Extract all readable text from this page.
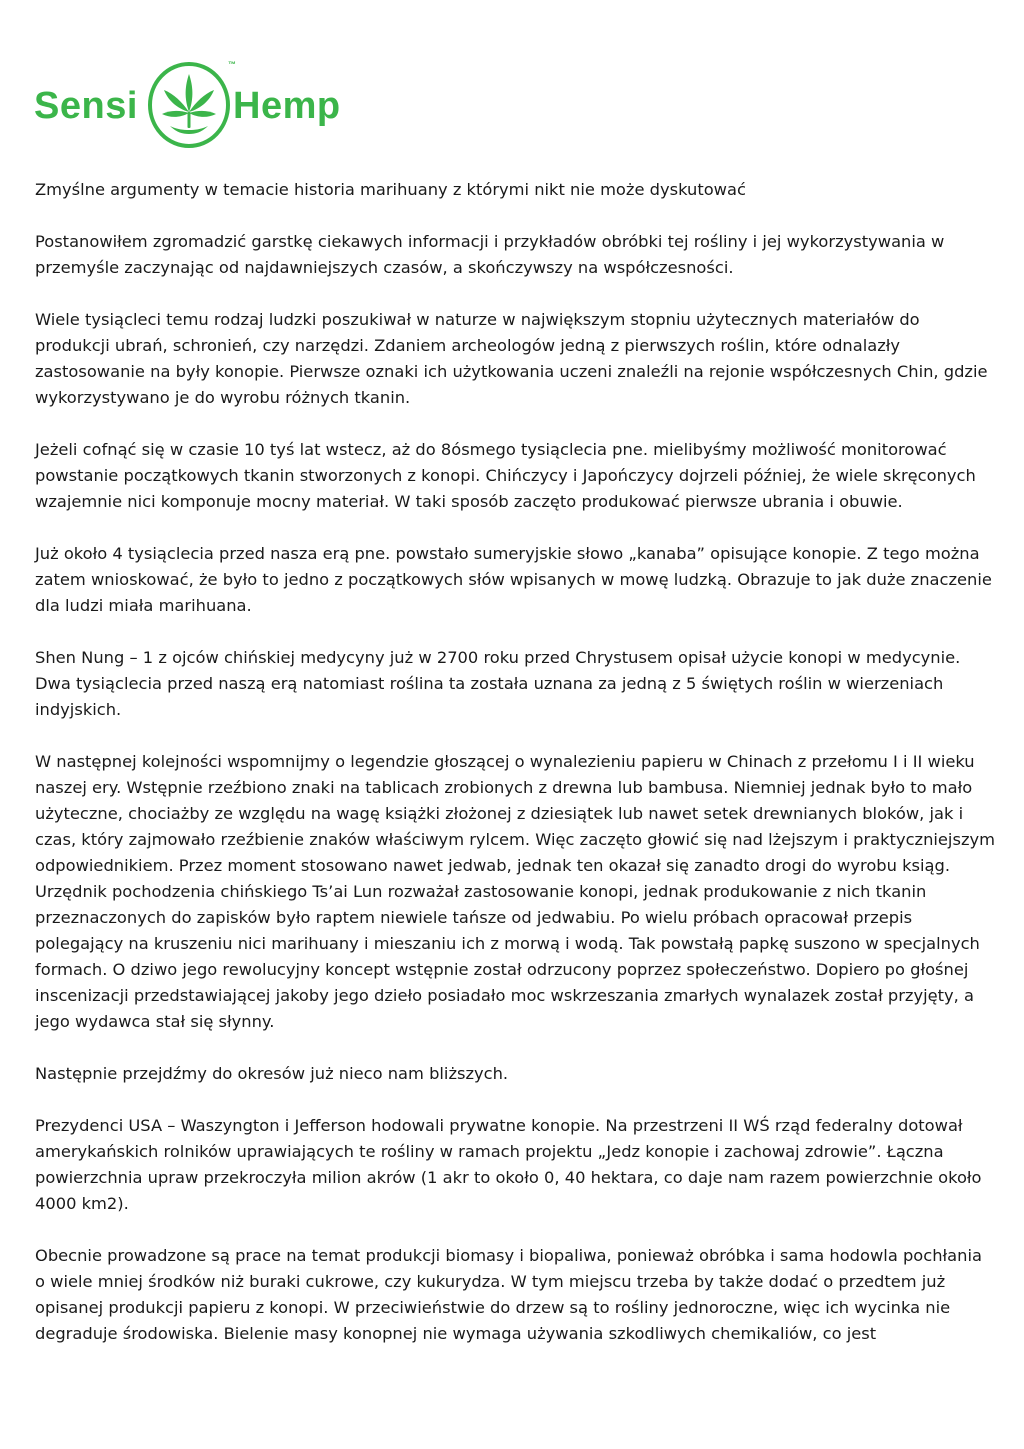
Sensi
™
Hemp

Zmyślne argumenty w temacie historia marihuany z którymi nikt nie może dyskutować

Postanowiłem zgromadzić garstkę ciekawych informacji i przykładów obróbki tej rośliny i jej wykorzystywania w przemyśle zaczynając od najdawniejszych czasów, a skończywszy na współczesności.

Wiele tysiącleci temu rodzaj ludzki poszukiwał w naturze w największym stopniu użytecznych materiałów do produkcji ubrań, schronień, czy narzędzi. Zdaniem archeologów jedną z pierwszych roślin, które odnalazły zastosowanie na były konopie. Pierwsze oznaki ich użytkowania uczeni znaleźli na rejonie współczesnych Chin, gdzie wykorzystywano je do wyrobu różnych tkanin.

Jeżeli cofnąć się w czasie 10 tyś lat wstecz, aż do 8ósmego tysiąclecia pne. mielibyśmy możliwość monitorować powstanie początkowych tkanin stworzonych z konopi. Chińczycy i Japończycy dojrzeli później, że wiele skręconych wzajemnie nici komponuje mocny materiał. W taki sposób zaczęto produkować pierwsze ubrania i obuwie.

Już około 4 tysiąclecia przed nasza erą pne. powstało sumeryjskie słowo „kanaba” opisujące konopie. Z tego można zatem wnioskować, że było to jedno z początkowych słów wpisanych w mowę ludzką. Obrazuje to jak duże znaczenie dla ludzi miała marihuana.

Shen Nung – 1 z ojców chińskiej medycyny już w 2700 roku przed Chrystusem opisał użycie konopi w medycynie. Dwa tysiąclecia przed naszą erą natomiast roślina ta została uznana za jedną z 5 świętych roślin w wierzeniach indyjskich.

W następnej kolejności wspomnijmy o legendzie głoszącej o wynalezieniu papieru w Chinach z przełomu I i II wieku naszej ery. Wstępnie rzeźbiono znaki na tablicach zrobionych z drewna lub bambusa. Niemniej jednak było to mało użyteczne, chociażby ze względu na wagę książki złożonej z dziesiątek lub nawet setek drewnianych bloków, jak i czas, który zajmowało rzeźbienie znaków właściwym rylcem. Więc zaczęto głowić się nad lżejszym i praktyczniejszym odpowiednikiem. Przez moment stosowano nawet jedwab, jednak ten okazał się zanadto drogi do wyrobu ksiąg. Urzędnik pochodzenia chińskiego Ts’ai Lun rozważał zastosowanie konopi, jednak produkowanie z nich tkanin przeznaczonych do zapisków było raptem niewiele tańsze od jedwabiu. Po wielu próbach opracował przepis polegający na kruszeniu nici marihuany i mieszaniu ich z morwą i wodą. Tak powstałą papkę suszono w specjalnych formach. O dziwo jego rewolucyjny koncept wstępnie został odrzucony poprzez społeczeństwo. Dopiero po głośnej inscenizacji przedstawiającej jakoby jego dzieło posiadało moc wskrzeszania zmarłych wynalazek został przyjęty, a jego wydawca stał się słynny.

Następnie przejdźmy do okresów już nieco nam bliższych.

Prezydenci USA – Waszyngton i Jefferson hodowali prywatne konopie. Na przestrzeni II WŚ rząd federalny dotował amerykańskich rolników uprawiających te rośliny w ramach projektu „Jedz konopie i zachowaj zdrowie”. Łączna powierzchnia upraw przekroczyła milion akrów (1 akr to około 0, 40 hektara, co daje nam razem powierzchnie około 4000 km2).

Obecnie prowadzone są prace na temat produkcji biomasy i biopaliwa, ponieważ obróbka i sama hodowla pochłania o wiele mniej środków niż buraki cukrowe, czy kukurydza. W tym miejscu trzeba by także dodać o przedtem już opisanej produkcji papieru z konopi. W przeciwieństwie do drzew są to rośliny jednoroczne, więc ich wycinka nie degraduje środowiska. Bielenie masy konopnej nie wymaga używania szkodliwych chemikaliów, co jest
